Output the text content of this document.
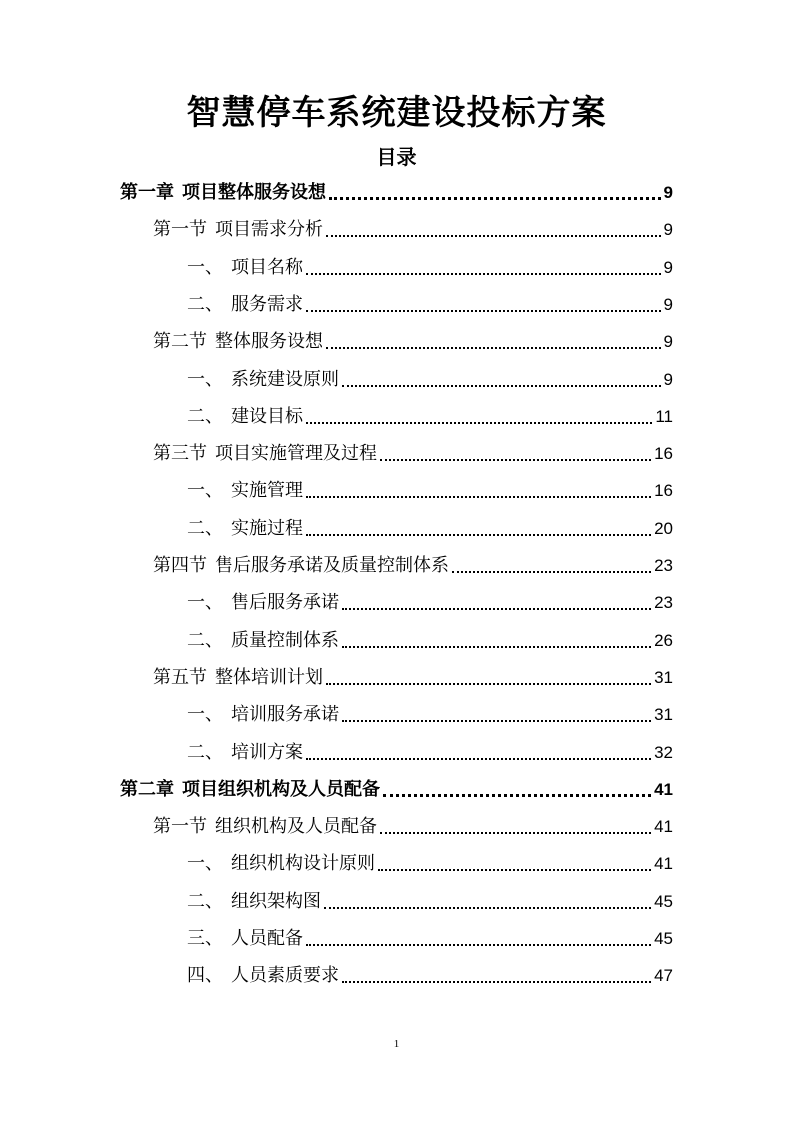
智慧停车系统建设投标方案
目录
第一章 项目整体服务设想	9
第一节 项目需求分析	9
一、 项目名称	9
二、 服务需求	9
第二节 整体服务设想	9
一、 系统建设原则	9
二、 建设目标	11
第三节 项目实施管理及过程	16
一、 实施管理	16
二、 实施过程	20
第四节 售后服务承诺及质量控制体系	23
一、 售后服务承诺	23
二、 质量控制体系	26
第五节 整体培训计划	31
一、 培训服务承诺	31
二、 培训方案	32
第二章 项目组织机构及人员配备	41
第一节 组织机构及人员配备	41
一、 组织机构设计原则	41
二、 组织架构图	45
三、 人员配备	45
四、 人员素质要求	47
1
